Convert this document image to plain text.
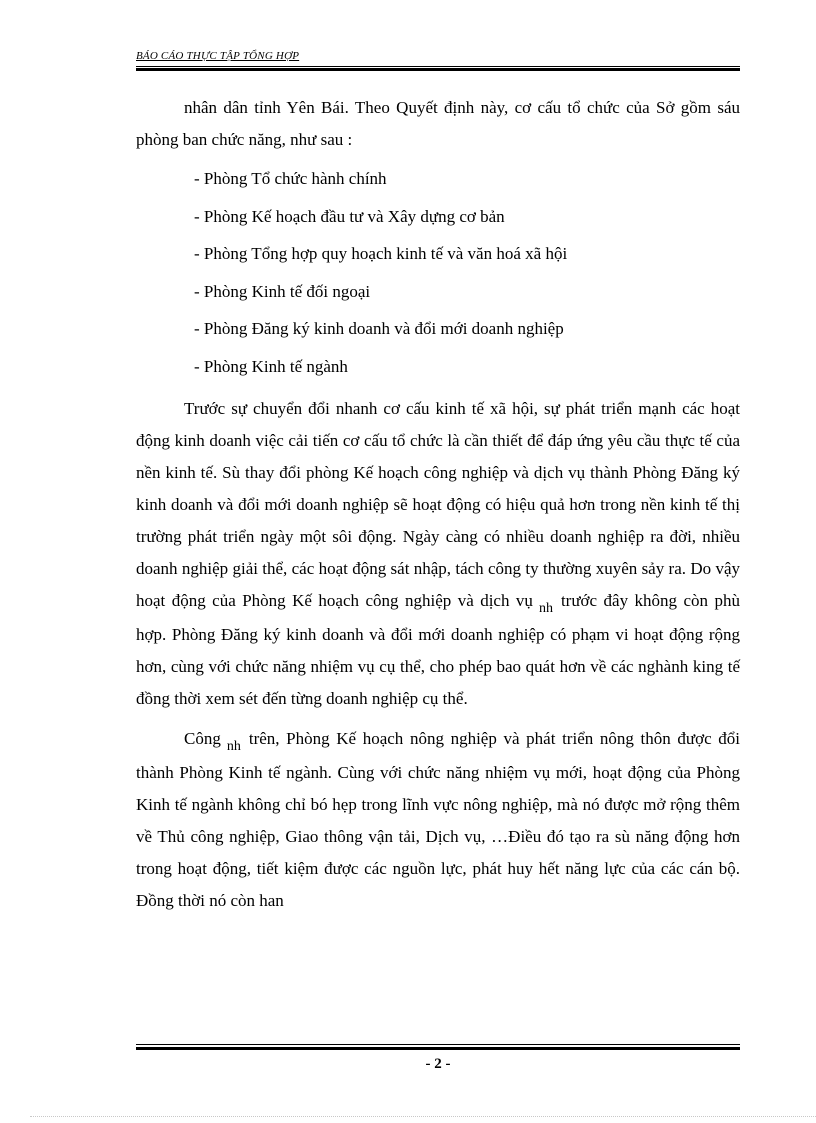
BÁO CÁO THỰC TẬP TỔNG HỢP

nhân dân tỉnh Yên Bái. Theo Quyết định này, cơ cấu tổ chức của Sở gồm sáu phòng ban chức năng, như sau :

- Phòng Tổ chức hành chính
- Phòng Kế hoạch đầu tư và Xây dựng cơ bản
- Phòng Tổng hợp quy hoạch kinh tế và văn hoá xã hội
- Phòng Kinh tế đối ngoại
- Phòng Đăng ký kinh doanh và đổi mới doanh nghiệp
- Phòng Kinh tế ngành

Trước sự chuyển đổi nhanh cơ cấu kinh tế xã hội, sự phát triển mạnh các hoạt động kinh doanh việc cải tiến cơ cấu tổ chức là cần thiết để đáp ứng yêu cầu thực tế của nền kinh tế. Sù thay đổi phòng Kế hoạch công nghiệp và dịch vụ thành Phòng Đăng ký kinh doanh và đổi mới doanh nghiệp sẽ hoạt động có hiệu quả hơn trong nền kinh tế thị trường phát triển ngày một sôi động. Ngày càng có nhiều doanh nghiệp ra đời, nhiều doanh nghiệp giải thể, các hoạt động sát nhập, tách công ty thường xuyên sảy ra. Do vậy hoạt động của Phòng Kế hoạch công nghiệp và dịch vụ $_{nh}$ trước đây không còn phù hợp. Phòng Đăng ký kinh doanh và đổi mới doanh nghiệp có phạm vi hoạt động rộng hơn, cùng với chức năng nhiệm vụ cụ thể, cho phép bao quát hơn về các nghành king tế đồng thời xem sét đến từng doanh nghiệp cụ thể.

Công $_{nh}$ trên, Phòng Kế hoạch nông nghiệp và phát triển nông thôn được đổi thành Phòng Kinh tế ngành. Cùng với chức năng nhiệm vụ mới, hoạt động của Phòng Kinh tế ngành không chỉ bó hẹp trong lĩnh vực nông nghiệp, mà nó được mở rộng thêm về Thủ công nghiệp, Giao thông vận tải, Dịch vụ, …Điều đó tạo ra sù năng động hơn trong hoạt động, tiết kiệm được các nguồn lực, phát huy hết năng lực của các cán bộ. Đồng thời nó còn han

- 2 -
